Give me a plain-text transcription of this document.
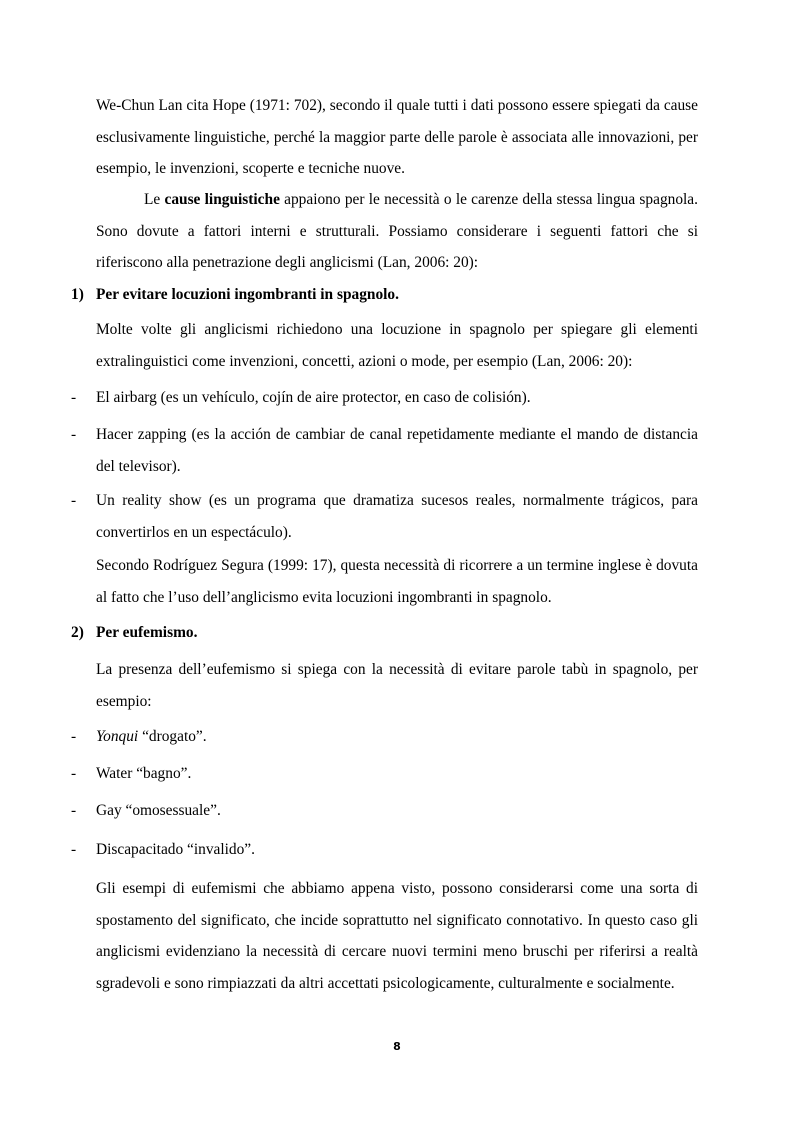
We-Chun Lan cita Hope (1971: 702), secondo il quale tutti i dati possono essere spiegati da cause esclusivamente linguistiche, perché la maggior parte delle parole è associata alle innovazioni, per esempio, le invenzioni, scoperte e tecniche nuove.

Le cause linguistiche appaiono per le necessità o le carenze della stessa lingua spagnola. Sono dovute a fattori interni e strutturali. Possiamo considerare i seguenti fattori che si riferiscono alla penetrazione degli anglicismi (Lan, 2006: 20):

1) Per evitare locuzioni ingombranti in spagnolo.

Molte volte gli anglicismi richiedono una locuzione in spagnolo per spiegare gli elementi extralinguistici come invenzioni, concetti, azioni o mode, per esempio (Lan, 2006: 20):

- El airbarg (es un vehículo, cojín de aire protector, en caso de colisión).
- Hacer zapping (es la acción de cambiar de canal repetidamente mediante el mando de distancia del televisor).
- Un reality show (es un programa que dramatiza sucesos reales, normalmente trágicos, para convertirlos en un espectáculo).

Secondo Rodríguez Segura (1999: 17), questa necessità di ricorrere a un termine inglese è dovuta al fatto che l’uso dell’anglicismo evita locuzioni ingombranti in spagnolo.

2) Per eufemismo.

La presenza dell’eufemismo si spiega con la necessità di evitare parole tabù in spagnolo, per esempio:

- Yonqui “drogato”.
- Water “bagno”.
- Gay “omosessuale”.
- Discapacitado “invalido”.

Gli esempi di eufemismi che abbiamo appena visto, possono considerarsi come una sorta di spostamento del significato, che incide soprattutto nel significato connotativo. In questo caso gli anglicismi evidenziano la necessità di cercare nuovi termini meno bruschi per riferirsi a realtà sgradevoli e sono rimpiazzati da altri accettati psicologicamente, culturalmente e socialmente.

8
